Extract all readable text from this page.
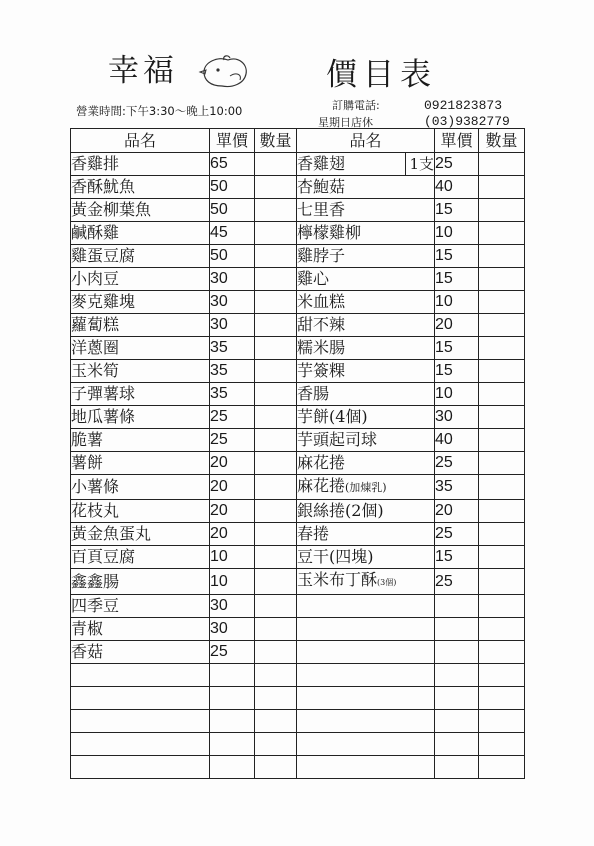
幸福	價目表
營業時間:下午3:30～晚上10:00	訂購電話:	0921823873
星期日店休	(03)9382779
品名	單價	數量	品名	單價	數量
香雞排	65		香雞翅 1支	25	
香酥魷魚	50		杏鮑菇	40	
黃金柳葉魚	50		七里香	15	
鹹酥雞	45		檸檬雞柳	10	
雞蛋豆腐	50		雞脖子	15	
小肉豆	30		雞心	15	
麥克雞塊	30		米血糕	10	
蘿蔔糕	30		甜不辣	20	
洋蔥圈	35		糯米腸	15	
玉米筍	35		芋簽粿	15	
子彈薯球	35		香腸	10	
地瓜薯條	25		芋餅(4個)	30	
脆薯	25		芋頭起司球	40	
薯餅	20		麻花捲	25	
小薯條	20		麻花捲(加煉乳)	35	
花枝丸	20		銀絲捲(2個)	20	
黃金魚蛋丸	20		春捲	25	
百頁豆腐	10		豆干(四塊)	15	
鑫鑫腸	10		玉米布丁酥(3個)	25	
四季豆	30				
青椒	30				
香菇	25				
